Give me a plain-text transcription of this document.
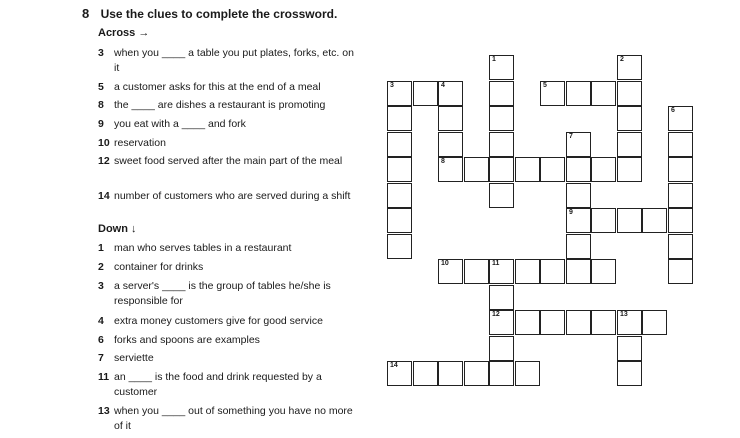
8 Use the clues to complete the crossword.
Across →
3 when you ____ a table you put plates, forks, etc. on it
5 a customer asks for this at the end of a meal
8 the ____ are dishes a restaurant is promoting
9 you eat with a ____ and fork
10 reservation
12 sweet food served after the main part of the meal
14 number of customers who are served during a shift
Down ↓
1 man who serves tables in a restaurant
2 container for drinks
3 a server's ____ is the group of tables he/she is responsible for
4 extra money customers give for good service
6 forks and spoons are examples
7 serviette
11 an ____ is the food and drink requested by a customer
13 when you ____ out of something you have no more of it
3	4	5
8
9
10	11
12	13
14
1	2
6
7
